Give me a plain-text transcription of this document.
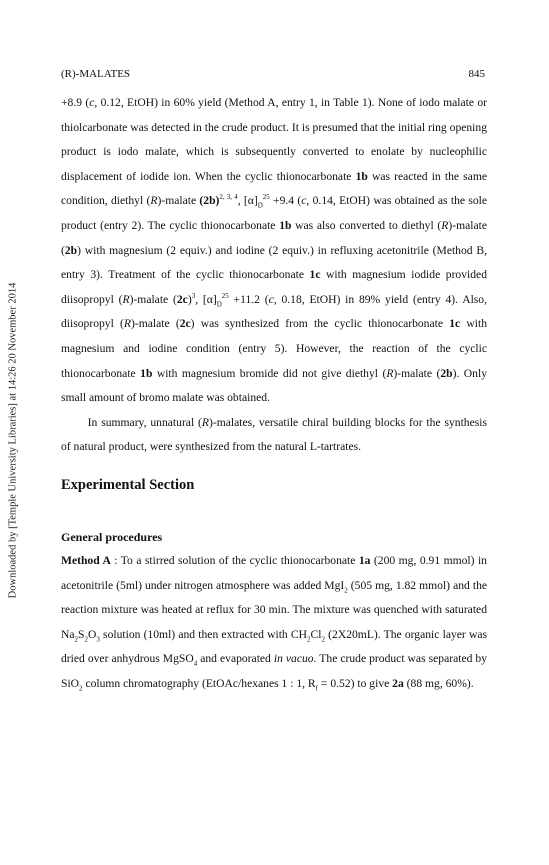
Downloaded by [Temple University Libraries] at 14:26 20 November 2014
(R)-MALATES	845

+8.9 (c, 0.12, EtOH) in 60% yield (Method A, entry 1, in Table 1). None of iodo malate or thiolcarbonate was detected in the crude product. It is presumed that the initial ring opening product is iodo malate, which is subsequently converted to enolate by nucleophilic displacement of iodide ion. When the cyclic thionocarbonate 1b was reacted in the same condition, diethyl (R)-malate $(2b)^{2, 3, 4}$, $[\alpha]_D^{25} +9.4$ (c, 0.14, EtOH) was obtained as the sole product (entry 2). The cyclic thionocarbonate 1b was also converted to diethyl (R)-malate (2b) with magnesium (2 equiv.) and iodine (2 equiv.) in refluxing acetonitrile (Method B, entry 3). Treatment of the cyclic thionocarbonate 1c with magnesium iodide provided diisopropyl (R)-malate $(2c)^3$, $[\alpha]_D^{25} +11.2$ (c, 0.18, EtOH) in 89% yield (entry 4). Also, diisopropyl (R)-malate (2c) was synthesized from the cyclic thionocarbonate 1c with magnesium and iodine condition (entry 5). However, the reaction of the cyclic thionocarbonate 1b with magnesium bromide did not give diethyl (R)-malate (2b). Only small amount of bromo malate was obtained.

In summary, unnatural (R)-malates, versatile chiral building blocks for the synthesis of natural product, were synthesized from the natural L-tartrates.

Experimental Section

General procedures

Method A : To a stirred solution of the cyclic thionocarbonate 1a (200 mg, 0.91 mmol) in acetonitrile (5ml) under nitrogen atmosphere was added MgI$_2$ (505 mg, 1.82 mmol) and the reaction mixture was heated at reflux for 30 min. The mixture was quenched with saturated $Na_2S_2O_3$ solution (10ml) and then extracted with $CH_2Cl_2$ (2X20mL). The organic layer was dried over anhydrous MgSO$_4$ and evaporated in vacuo. The crude product was separated by SiO$_2$ column chromatography (EtOAc/hexanes 1 : 1, $R_f = 0.52$) to give 2a (88 mg, 60%).
